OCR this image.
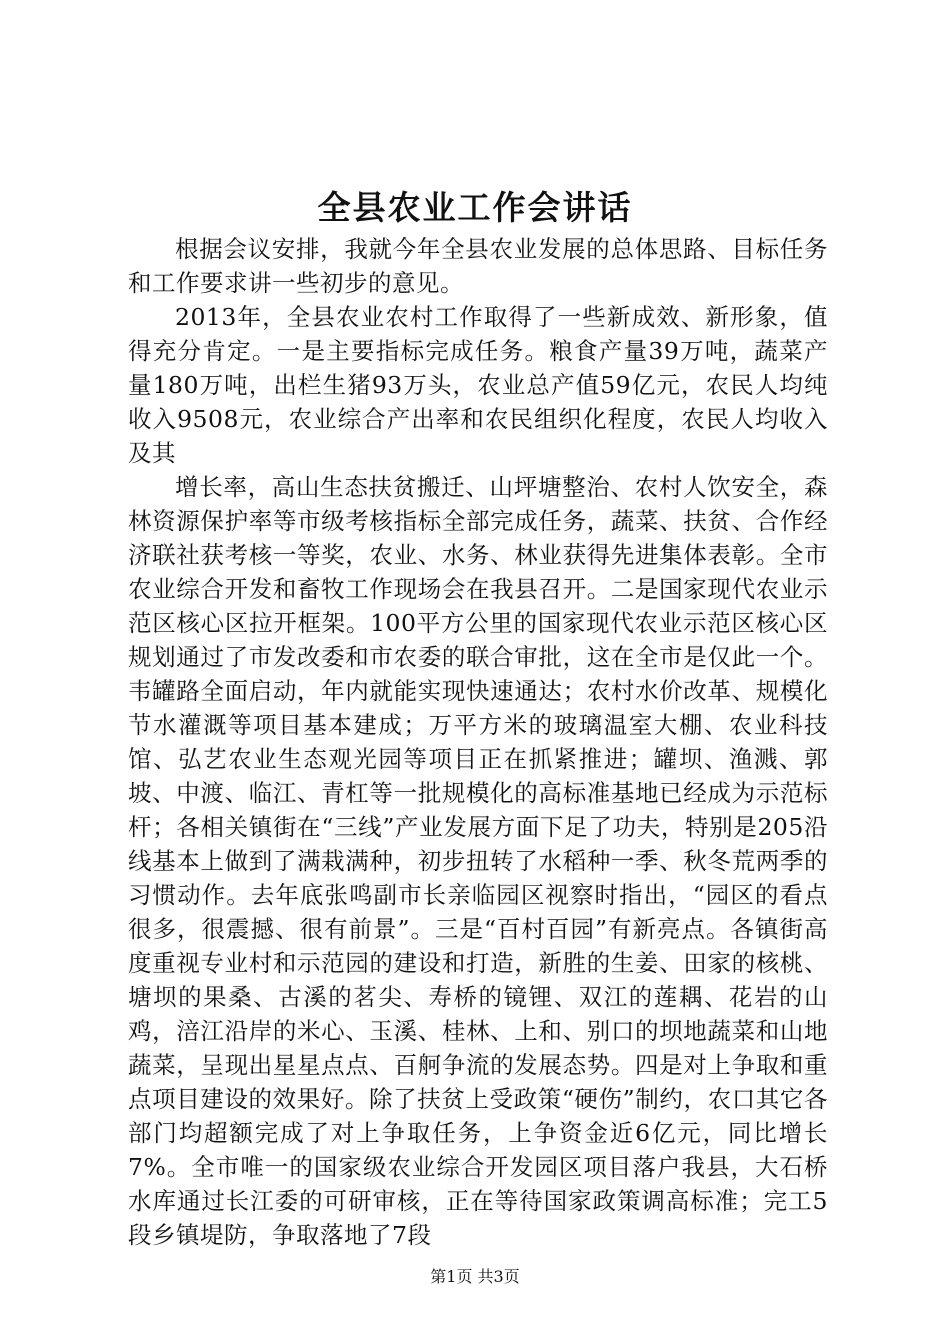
全县农业工作会讲话

根据会议安排，我就今年全县农业发展的总体思路、目标任务和工作要求讲一些初步的意见。

2013年，全县农业农村工作取得了一些新成效、新形象，值得充分肯定。一是主要指标完成任务。粮食产量39万吨，蔬菜产量180万吨，出栏生猪93万头，农业总产值59亿元，农民人均纯收入9508元，农业综合产出率和农民组织化程度，农民人均收入及其

增长率，高山生态扶贫搬迁、山坪塘整治、农村人饮安全，森林资源保护率等市级考核指标全部完成任务，蔬菜、扶贫、合作经济联社获考核一等奖，农业、水务、林业获得先进集体表彰。全市农业综合开发和畜牧工作现场会在我县召开。二是国家现代农业示范区核心区拉开框架。100平方公里的国家现代农业示范区核心区规划通过了市发改委和市农委的联合审批，这在全市是仅此一个。韦罐路全面启动，年内就能实现快速通达；农村水价改革、规模化节水灌溉等项目基本建成；万平方米的玻璃温室大棚、农业科技馆、弘艺农业生态观光园等项目正在抓紧推进；罐坝、渔溅、郭坡、中渡、临江、青杠等一批规模化的高标准基地已经成为示范标杆；各相关镇街在“三线”产业发展方面下足了功夫，特别是205沿线基本上做到了满栽满种，初步扭转了水稻种一季、秋冬荒两季的习惯动作。去年底张鸣副市长亲临园区视察时指出，“园区的看点很多，很震撼、很有前景”。三是“百村百园”有新亮点。各镇街高度重视专业村和示范园的建设和打造，新胜的生姜、田家的核桃、塘坝的果桑、古溪的茗尖、寿桥的镜锂、双江的莲耦、花岩的山鸡，涪江沿岸的米心、玉溪、桂林、上和、别口的坝地蔬菜和山地蔬菜，呈现出星星点点、百舸争流的发展态势。四是对上争取和重点项目建设的效果好。除了扶贫上受政策“硬伤”制约，农口其它各部门均超额完成了对上争取任务，上争资金近6亿元，同比增长7%。全市唯一的国家级农业综合开发园区项目落户我县，大石桥水库通过长江委的可研审核，正在等待国家政策调高标准；完工5段乡镇堤防，争取落地了7段

第1页 共3页
